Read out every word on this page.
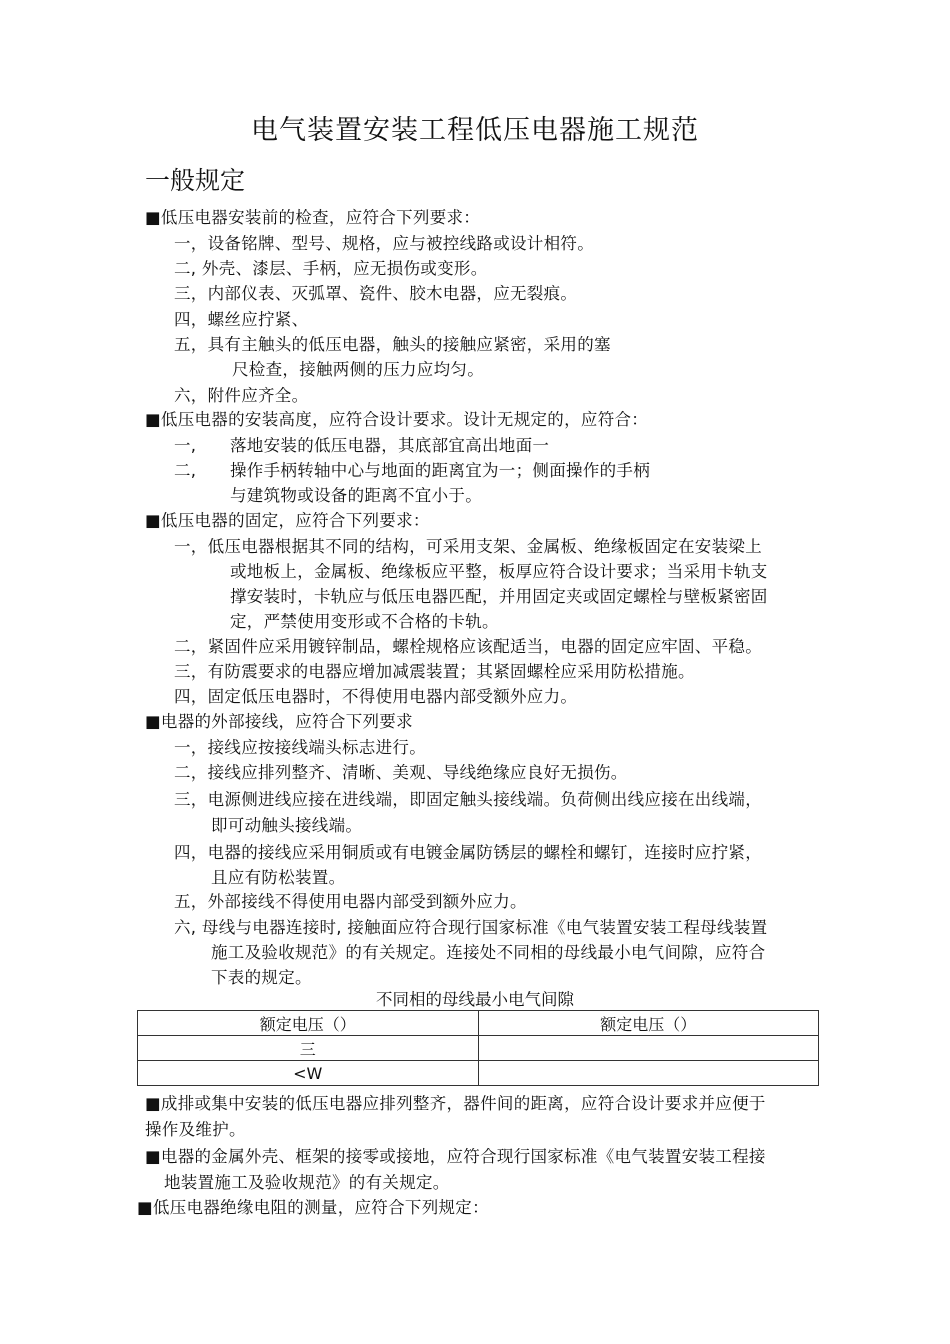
电气装置安装工程低压电器施工规范
一般规定
■低压电器安装前的检查，应符合下列要求：
一，设备铭牌、型号、规格，应与被控线路或设计相符。
二, 外壳、漆层、手柄，应无损伤或变形。
三，内部仪表、灭弧罩、瓷件、胶木电器，应无裂痕。
四，螺丝应拧紧、
五，具有主触头的低压电器，触头的接触应紧密，采用的塞
尺检查，接触两侧的压力应均匀。
六，附件应齐全。
■低压电器的安装高度，应符合设计要求。设计无规定的，应符合：
一, 落地安装的低压电器，其底部宜高出地面一
二, 操作手柄转轴中心与地面的距离宜为一；侧面操作的手柄
与建筑物或设备的距离不宜小于。
■低压电器的固定，应符合下列要求：
一，低压电器根据其不同的结构，可采用支架、金属板、绝缘板固定在安装梁上
或地板上，金属板、绝缘板应平整，板厚应符合设计要求；当采用卡轨支
撑安装时，卡轨应与低压电器匹配，并用固定夹或固定螺栓与壁板紧密固
定，严禁使用变形或不合格的卡轨。
二，紧固件应采用镀锌制品，螺栓规格应该配适当，电器的固定应牢固、平稳。
三，有防震要求的电器应增加减震装置；其紧固螺栓应采用防松措施。
四，固定低压电器时，不得使用电器内部受额外应力。
■电器的外部接线，应符合下列要求
一，接线应按接线端头标志进行。
二，接线应排列整齐、清晰、美观、导线绝缘应良好无损伤。
三，电源侧进线应接在进线端，即固定触头接线端。负荷侧出线应接在出线端，
即可动触头接线端。
四，电器的接线应采用铜质或有电镀金属防锈层的螺栓和螺钉，连接时应拧紧，
且应有防松装置。
五，外部接线不得使用电器内部受到额外应力。
六, 母线与电器连接时, 接触面应符合现行国家标准《电气装置安装工程母线装置
施工及验收规范》的有关规定。连接处不同相的母线最小电气间隙，应符合
下表的规定。
不同相的母线最小电气间隙
额定电压（）	额定电压（）
三	
<W	
■成排或集中安装的低压电器应排列整齐，器件间的距离，应符合设计要求并应便于
操作及维护。
■电器的金属外壳、框架的接零或接地，应符合现行国家标准《电气装置安装工程接
地装置施工及验收规范》的有关规定。
■低压电器绝缘电阻的测量，应符合下列规定：
